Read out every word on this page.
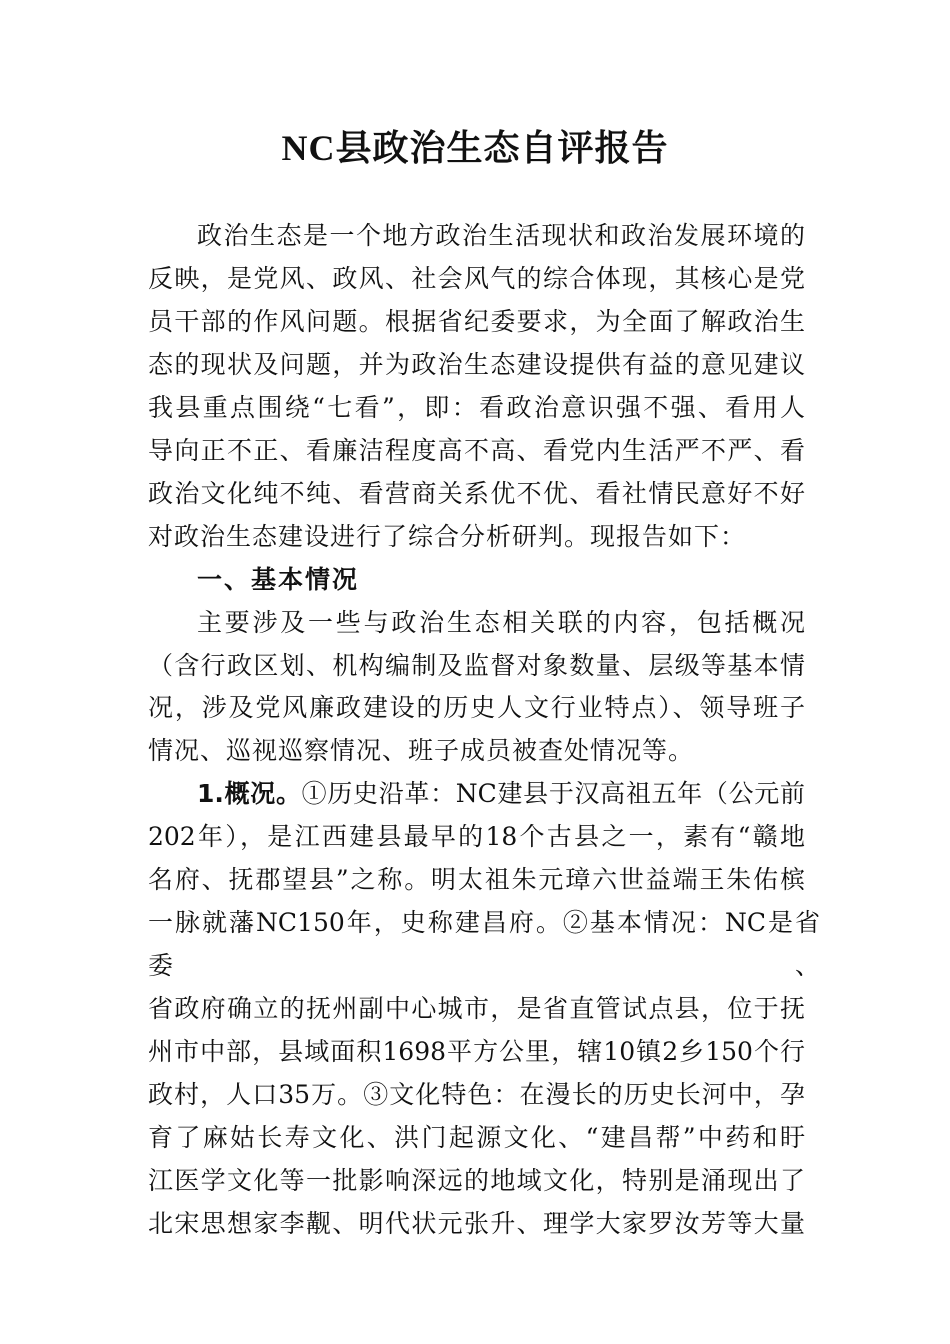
NC县政治生态自评报告
政治生态是一个地方政治生活现状和政治发展环境的
反映，是党风、政风、社会风气的综合体现，其核心是党
员干部的作风问题。根据省纪委要求，为全面了解政治生
态的现状及问题，并为政治生态建设提供有益的意见建议
我县重点围绕“七看”，即：看政治意识强不强、看用人
导向正不正、看廉洁程度高不高、看党内生活严不严、看
政治文化纯不纯、看营商关系优不优、看社情民意好不好
对政治生态建设进行了综合分析研判。现报告如下：
一、基本情况
主要涉及一些与政治生态相关联的内容，包括概况
（含行政区划、机构编制及监督对象数量、层级等基本情
况，涉及党风廉政建设的历史人文行业特点）、领导班子
情况、巡视巡察情况、班子成员被查处情况等。
1.概况。①历史沿革：NC建县于汉高祖五年（公元前
202年），是江西建县最早的18个古县之一，素有“赣地
名府、抚郡望县”之称。明太祖朱元璋六世益端王朱佑槟
一脉就藩NC150年，史称建昌府。②基本情况：NC是省委、
省政府确立的抚州副中心城市，是省直管试点县，位于抚
州市中部，县域面积1698平方公里，辖10镇2乡150个行
政村，人口35万。③文化特色：在漫长的历史长河中，孕
育了麻姑长寿文化、洪门起源文化、“建昌帮”中药和盱
江医学文化等一批影响深远的地域文化，特别是涌现出了
北宋思想家李觏、明代状元张升、理学大家罗汝芳等大量
